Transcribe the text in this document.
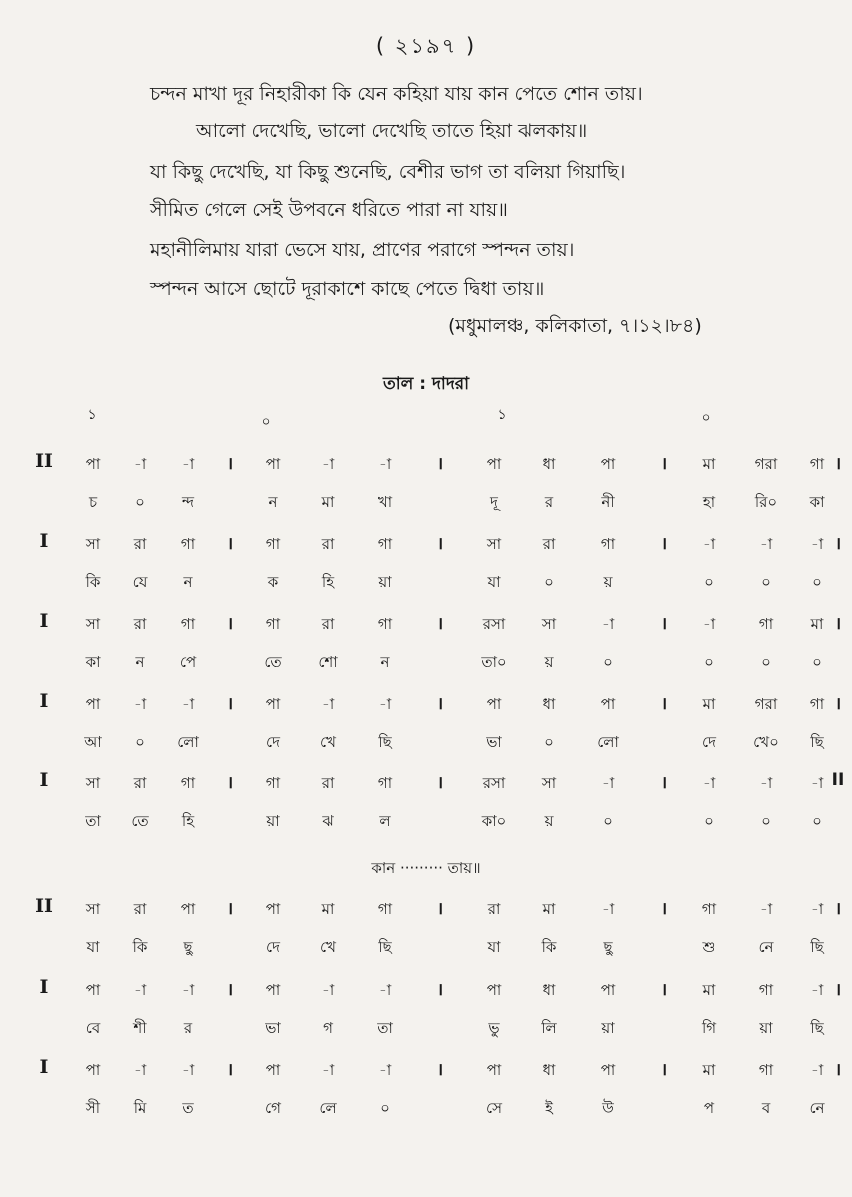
( ২১৯৭ )
চন্দন মাখা দূর নিহারীকা কি যেন কহিয়া যায় কান পেতে শোন তায়।
আলো দেখেছি, ভালো দেখেছি তাতে হিয়া ঝলকায়॥
যা কিছু দেখেছি, যা কিছু শুনেছি, বেশীর ভাগ তা বলিয়া গিয়াছি।
সীমিত গেলে সেই উপবনে ধরিতে পারা না যায়॥
মহানীলিমায় যারা ভেসে যায়, প্রাণের পরাগে স্পন্দন তায়।
স্পন্দন আসে ছোটে দূরাকাশে কাছে পেতে দ্বিধা তায়॥
(মধুমালঞ্চ, কলিকাতা, ৭।১২।৮৪)
তাল : দাদরা
১	০	১	০
কান ········· তায়॥
II পা -া -া	পা	-া	-া	পা	ধা	পা	মা	গরা গা
।	।	।	।
চ	০ ন্দ	ন	মা	খা	দূ	র	নী	হা	রি০ কা
I সা রা গা	গা	রা	গা	সা	রা	গা	-া	-া	-া
।	।	।	।
কি যে ন	ক	হি	য়া	যা	০	য়	০	০	০
I সা রা গা	গা	রা	গা	রসা সা	-া	-া	গা	মা
।	।	।	।
কা ন পে	তে শো	ন	তা০	য়	০	০	০	০
I পা -া -া	পা	-া	-া	পা	ধা	পা	মা	গরা গা
।	।	।	।
আ ০ লো	দে	খে	ছি	ভা	০	লো	দে খে০ ছি
I সা রা গা	গা	রা	গা	রসা সা	-া	-া	-া	-া
।	।	।	II
তা তে হি	য়া	ঝ	ল	কা০	য়	০	০	০	০
II সা রা পা	পা	মা	গা	রা	মা	-া	গা	-া	-া
।	।	।	।
যা কি ছু	দে	খে	ছি	যা	কি	ছু	শু	নে ছি
I পা -া -া	পা	-া	-া	পা	ধা	পা	মা	গা	-া
।	।	।	।
বে শী র	ভা	গ	তা	ভু	লি	য়া	গি	য়া	ছি
I পা -া -া	পা	-া	-া	পা	ধা	পা	মা	গা	-া
।	।	।	।
সী মি ত	গে	লে	০	সে	ই	উ	প	ব	নে
